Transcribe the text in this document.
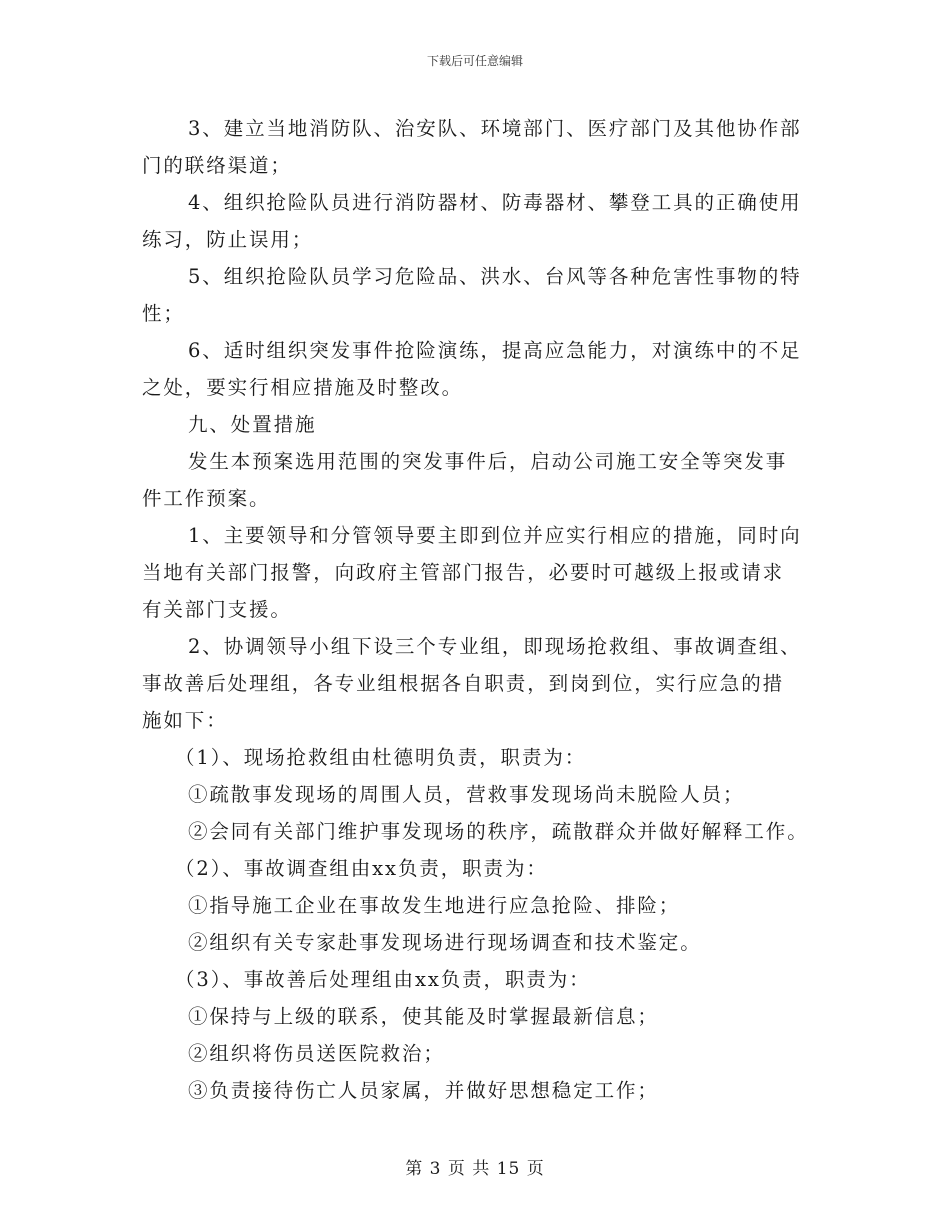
下载后可任意编辑
3、建立当地消防队、治安队、环境部门、医疗部门及其他协作部
门的联络渠道；
4、组织抢险队员进行消防器材、防毒器材、攀登工具的正确使用
练习，防止误用；
5、组织抢险队员学习危险品、洪水、台风等各种危害性事物的特
性；
6、适时组织突发事件抢险演练，提高应急能力，对演练中的不足
之处，要实行相应措施及时整改。
九、处置措施
发生本预案选用范围的突发事件后，启动公司施工安全等突发事
件工作预案。
1、主要领导和分管领导要主即到位并应实行相应的措施，同时向
当地有关部门报警，向政府主管部门报告，必要时可越级上报或请求
有关部门支援。
2、协调领导小组下设三个专业组，即现场抢救组、事故调查组、
事故善后处理组，各专业组根据各自职责，到岗到位，实行应急的措
施如下：
（1）、现场抢救组由杜德明负责，职责为：
①疏散事发现场的周围人员，营救事发现场尚未脱险人员；
②会同有关部门维护事发现场的秩序，疏散群众并做好解释工作。
（2）、事故调查组由xx负责，职责为：
①指导施工企业在事故发生地进行应急抢险、排险；
②组织有关专家赴事发现场进行现场调查和技术鉴定。
（3）、事故善后处理组由xx负责，职责为：
①保持与上级的联系，使其能及时掌握最新信息；
②组织将伤员送医院救治；
③负责接待伤亡人员家属，并做好思想稳定工作；
第 3 页 共 15 页
